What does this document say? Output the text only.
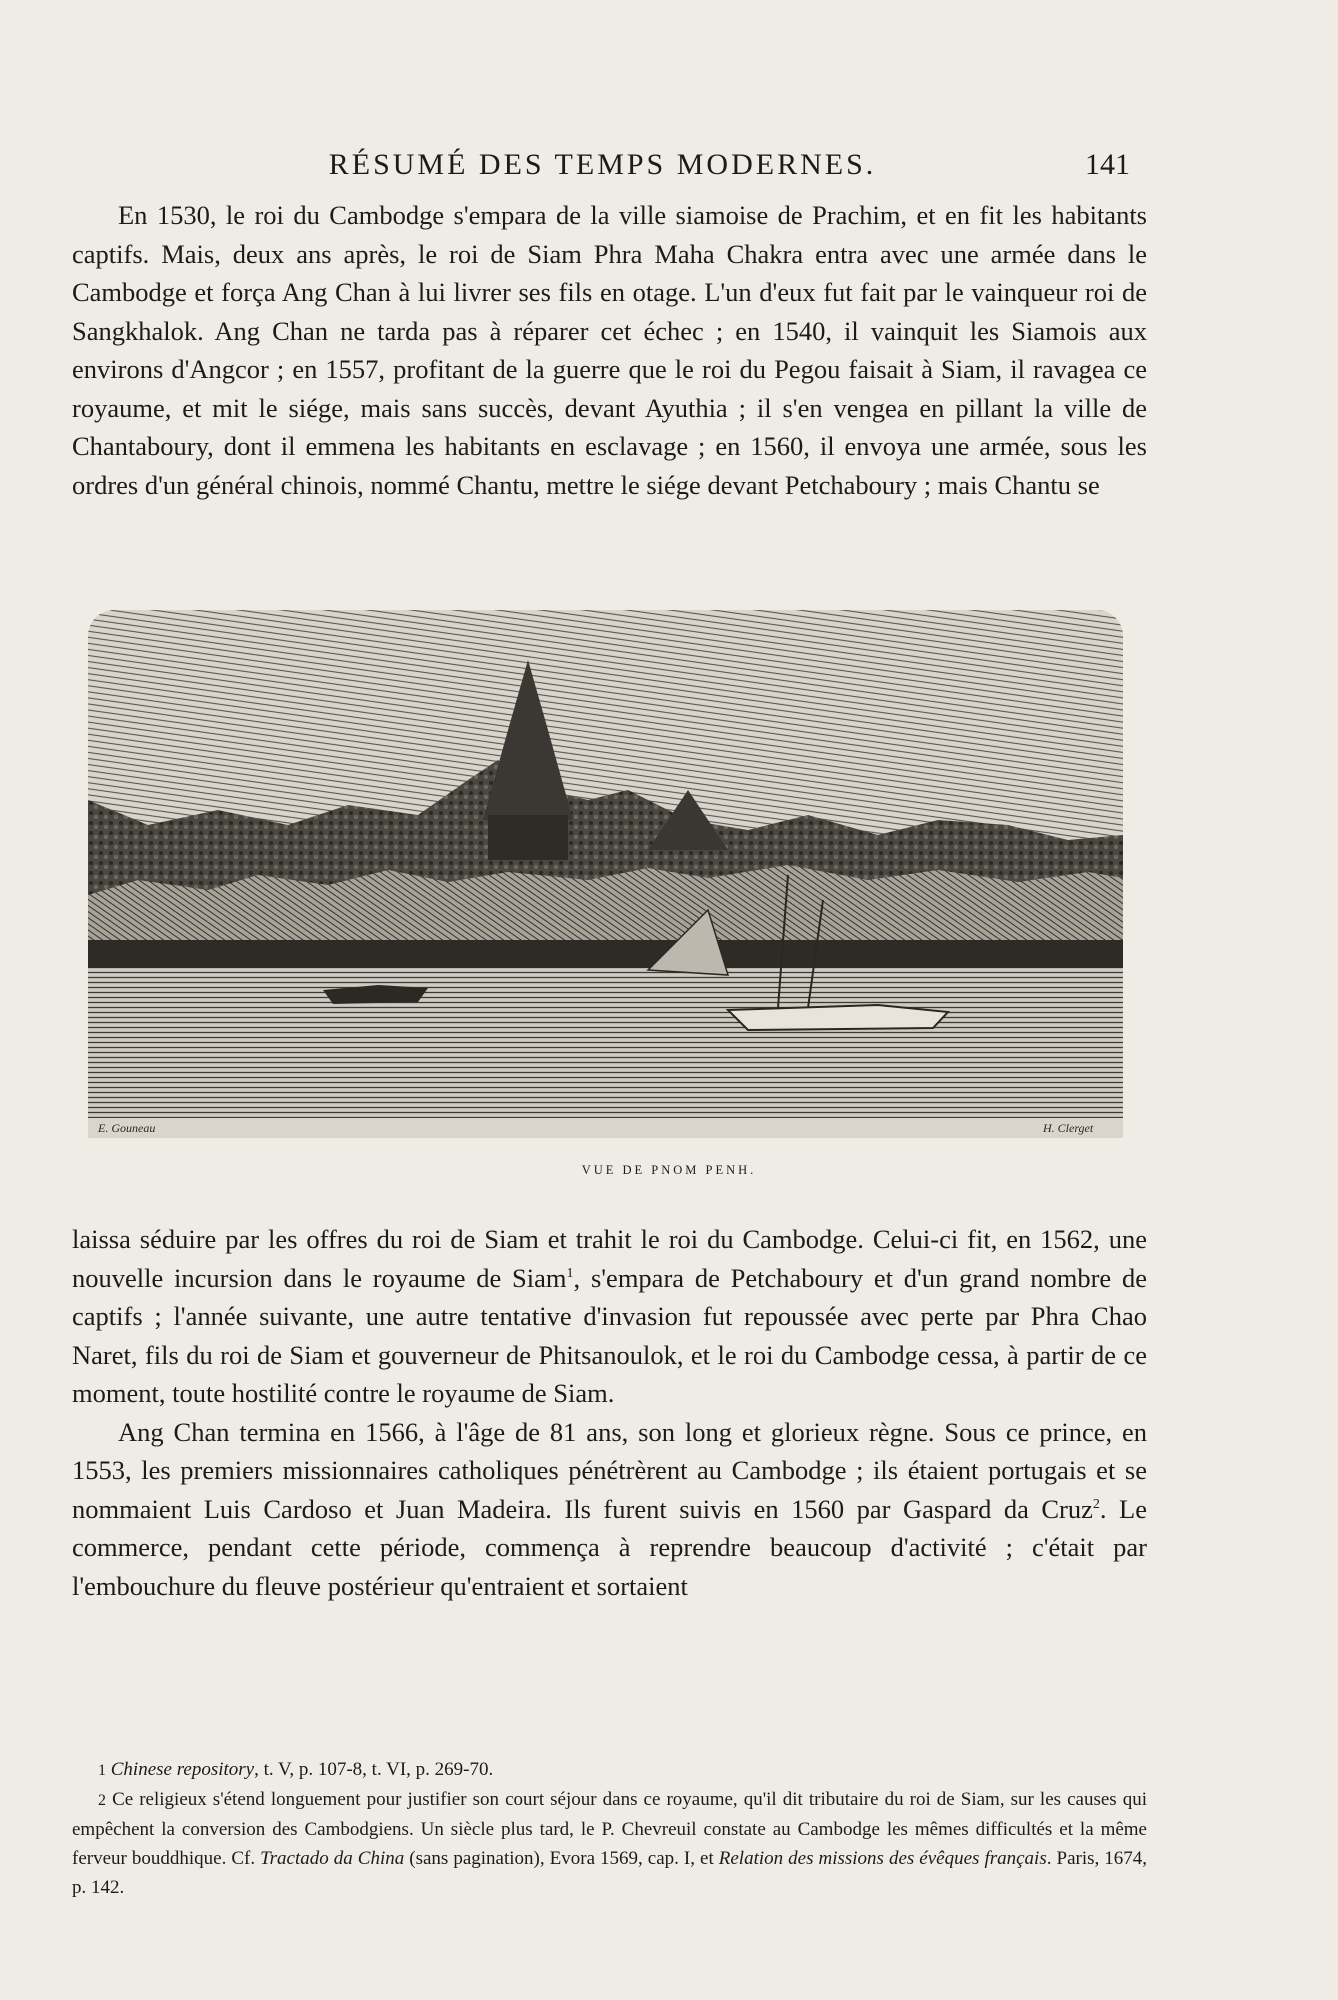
RÉSUMÉ DES TEMPS MODERNES.	141

En 1530, le roi du Cambodge s'empara de la ville siamoise de Prachim, et en fit les habitants captifs. Mais, deux ans après, le roi de Siam Phra Maha Chakra entra avec une armée dans le Cambodge et força Ang Chan à lui livrer ses fils en otage. L'un d'eux fut fait par le vainqueur roi de Sangkhalok. Ang Chan ne tarda pas à réparer cet échec ; en 1540, il vainquit les Siamois aux environs d'Angcor ; en 1557, profitant de la guerre que le roi du Pegou faisait à Siam, il ravagea ce royaume, et mit le siége, mais sans succès, devant Ayuthia ; il s'en vengea en pillant la ville de Chantaboury, dont il emmena les habitants en esclavage ; en 1560, il envoya une armée, sous les ordres d'un général chinois, nommé Chantu, mettre le siége devant Petchaboury ; mais Chantu se

E. Gouneau	H. Clerget
VUE DE PNOM PENH.

laissa séduire par les offres du roi de Siam et trahit le roi du Cambodge. Celui-ci fit, en 1562, une nouvelle incursion dans le royaume de Siam$^1$, s'empara de Petchaboury et d'un grand nombre de captifs ; l'année suivante, une autre tentative d'invasion fut repoussée avec perte par Phra Chao Naret, fils du roi de Siam et gouverneur de Phitsanoulok, et le roi du Cambodge cessa, à partir de ce moment, toute hostilité contre le royaume de Siam.

Ang Chan termina en 1566, à l'âge de 81 ans, son long et glorieux règne. Sous ce prince, en 1553, les premiers missionnaires catholiques pénétrèrent au Cambodge ; ils étaient portugais et se nommaient Luis Cardoso et Juan Madeira. Ils furent suivis en 1560 par Gaspard da Cruz$^2$. Le commerce, pendant cette période, commença à reprendre beaucoup d'activité ; c'était par l'embouchure du fleuve postérieur qu'entraient et sortaient

1 Chinese repository, t. V, p. 107-8, t. VI, p. 269-70.

2 Ce religieux s'étend longuement pour justifier son court séjour dans ce royaume, qu'il dit tributaire du roi de Siam, sur les causes qui empêchent la conversion des Cambodgiens. Un siècle plus tard, le P. Chevreuil constate au Cambodge les mêmes difficultés et la même ferveur bouddhique. Cf. Tractado da China (sans pagination), Evora 1569, cap. I, et Relation des missions des évêques français. Paris, 1674, p. 142.
